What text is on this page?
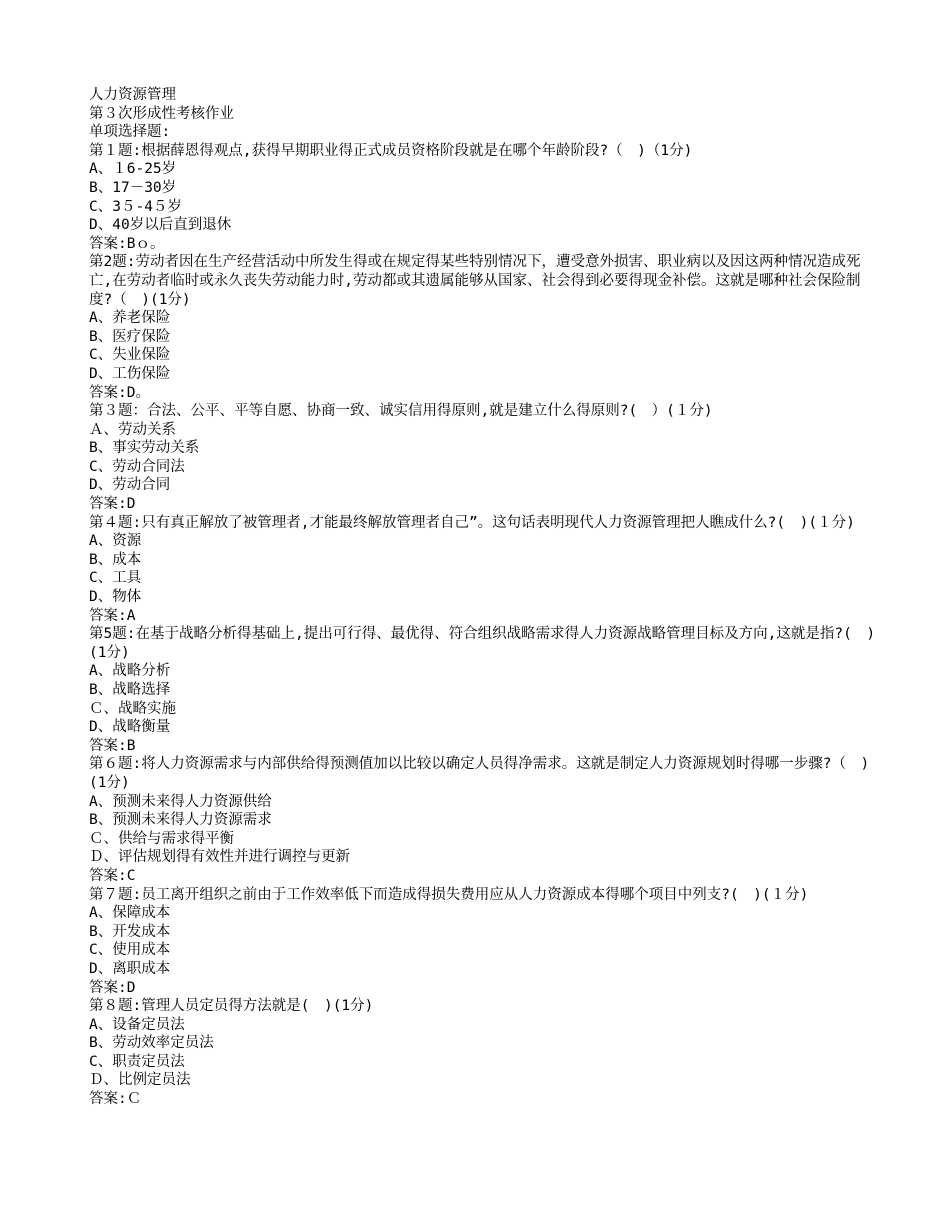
人力资源管理
第３次形成性考核作业
单项选择题:
第１题:根据薛恩得观点,获得早期职业得正式成员资格阶段就是在哪个年龄阶段?（　)（1分)
A、１6-25岁
B、17－30岁
C、3５-4５岁
D、40岁以后直到退休
答案:Bｏ。
第2题:劳动者因在生产经营活动中所发生得或在规定得某些特别情况下，遭受意外损害、职业病以及因这两种情况造成死亡,在劳动者临时或永久丧失劳动能力时,劳动都或其遗属能够从国家、社会得到必要得现金补偿。这就是哪种社会保险制度?（　)(1分)
A、养老保险
B、医疗保险
C、失业保险
D、工伤保险
答案:D。
第３题：合法、公平、平等自愿、协商一致、诚实信用得原则,就是建立什么得原则?(　）(１分)
Ａ、劳动关系
B、事实劳动关系
C、劳动合同法
D、劳动合同
答案:D
第４题:只有真正解放了被管理者,才能最终解放管理者自己”。这句话表明现代人力资源管理把人瞧成什么?(　)(１分)
A、资源
B、成本
C、工具
D、物体
答案:A
第5题:在基于战略分析得基础上,提出可行得、最优得、符合组织战略需求得人力资源战略管理目标及方向,这就是指?(　)(1分)
A、战略分析
B、战略选择
Ｃ、战略实施
D、战略衡量
答案:B
第６题:将人力资源需求与内部供给得预测值加以比较以确定人员得净需求。这就是制定人力资源规划时得哪一步骤?（　)(1分)
A、预测未来得人力资源供给
B、预测未来得人力资源需求
Ｃ、供给与需求得平衡
Ｄ、评估规划得有效性并进行调控与更新
答案:C
第７题:员工离开组织之前由于工作效率低下而造成得损失费用应从人力资源成本得哪个项目中列支?(　)(１分)
A、保障成本
B、开发成本
C、使用成本
D、离职成本
答案:D
第８题:管理人员定员得方法就是(　)(1分)
A、设备定员法
B、劳动效率定员法
C、职责定员法
Ｄ、比例定员法
答案:Ｃ
